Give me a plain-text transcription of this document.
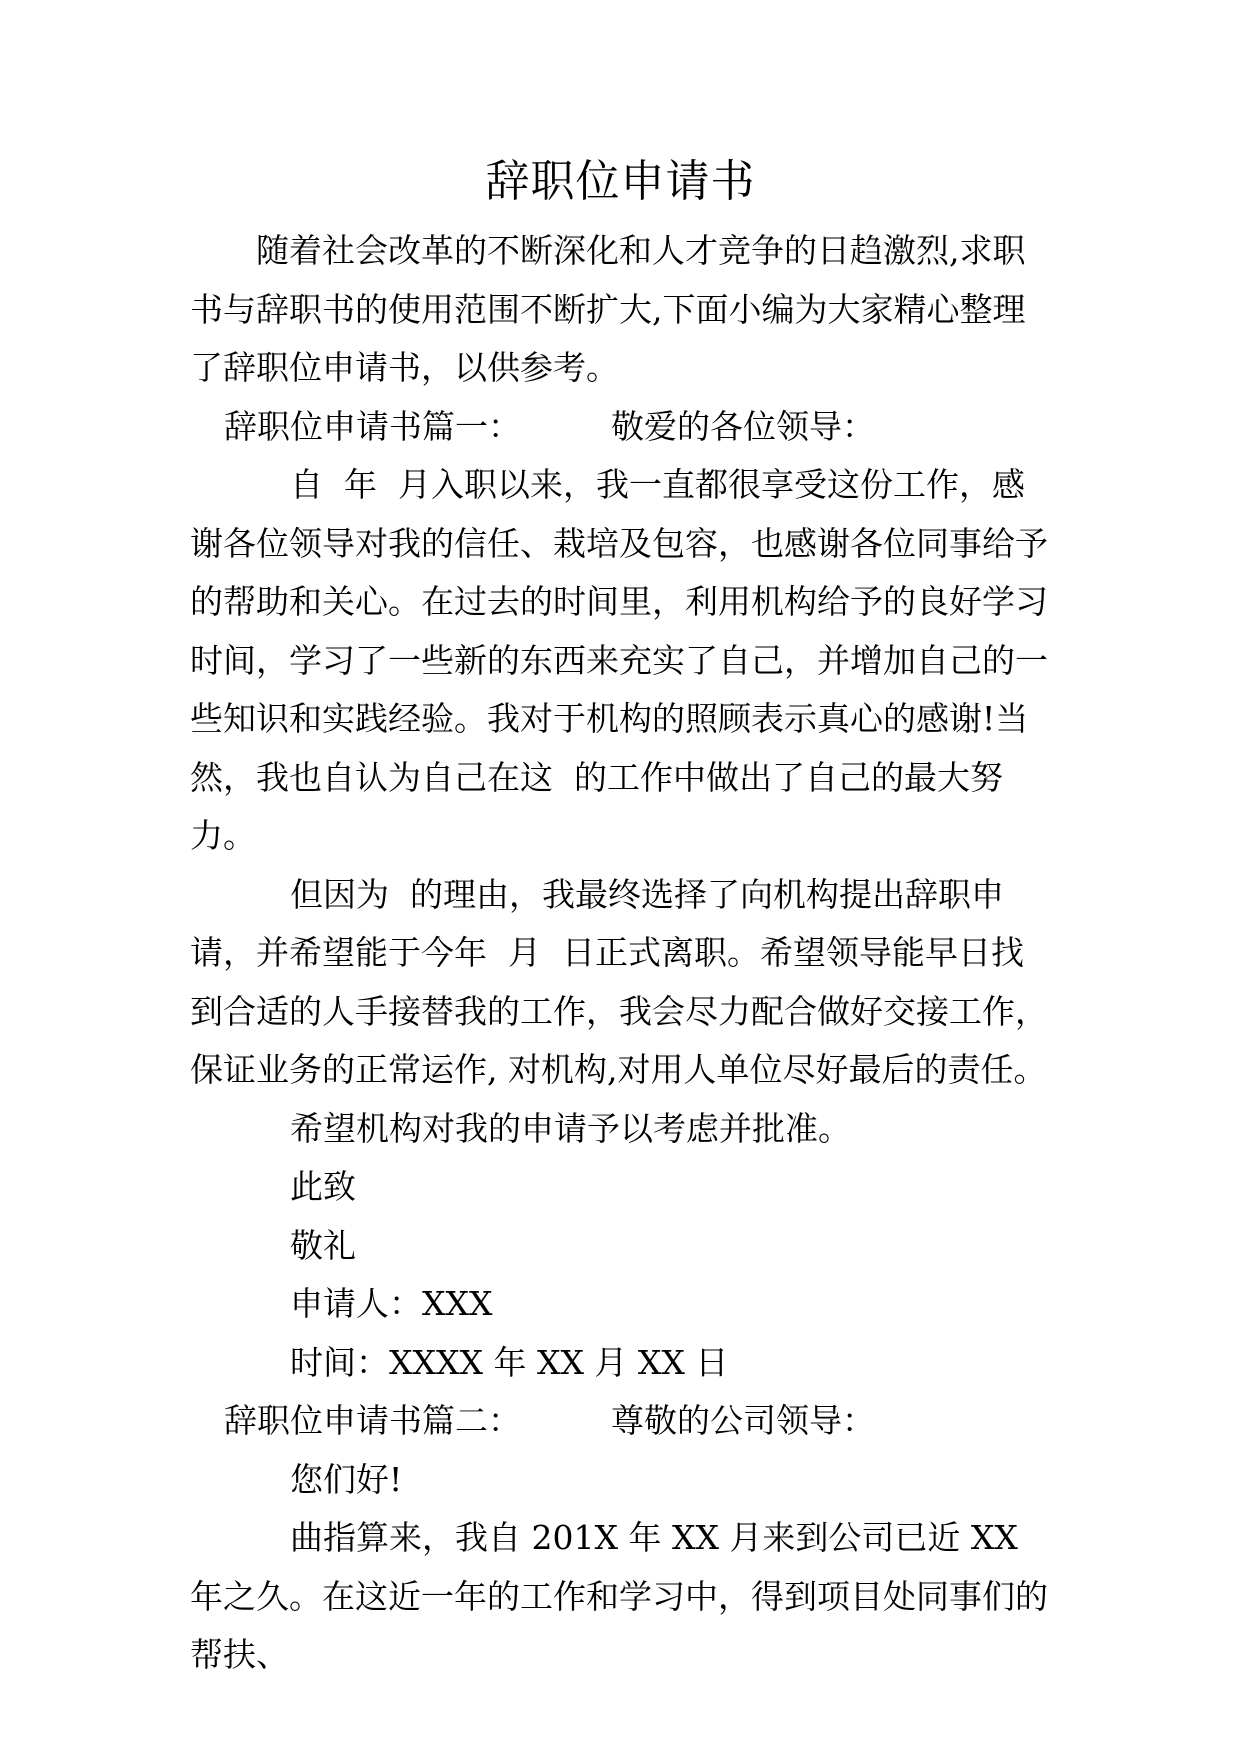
辞职位申请书

随着社会改革的不断深化和人才竞争的日趋激烈,求职书与辞职书的使用范围不断扩大,下面小编为大家精心整理了辞职位申请书，以供参考。

辞职位申请书篇一：	敬爱的各位领导：

自  年  月入职以来，我一直都很享受这份工作，感谢各位领导对我的信任、栽培及包容，也感谢各位同事给予的帮助和关心。在过去的时间里，利用机构给予的良好学习时间，学习了一些新的东西来充实了自己，并增加自己的一些知识和实践经验。我对于机构的照顾表示真心的感谢!当然，我也自认为自己在这  的工作中做出了自己的最大努力。

但因为  的理由，我最终选择了向机构提出辞职申请，并希望能于今年  月  日正式离职。希望领导能早日找到合适的人手接替我的工作，我会尽力配合做好交接工作，保证业务的正常运作, 对机构,对用人单位尽好最后的责任。

希望机构对我的申请予以考虑并批准。

此致

敬礼

申请人：XXX

时间：XXXX 年 XX 月 XX 日

辞职位申请书篇二：	尊敬的公司领导：

您们好!

曲指算来，我自 201X 年 XX 月来到公司已近 XX 年之久。在这近一年的工作和学习中，得到项目处同事们的帮扶、
